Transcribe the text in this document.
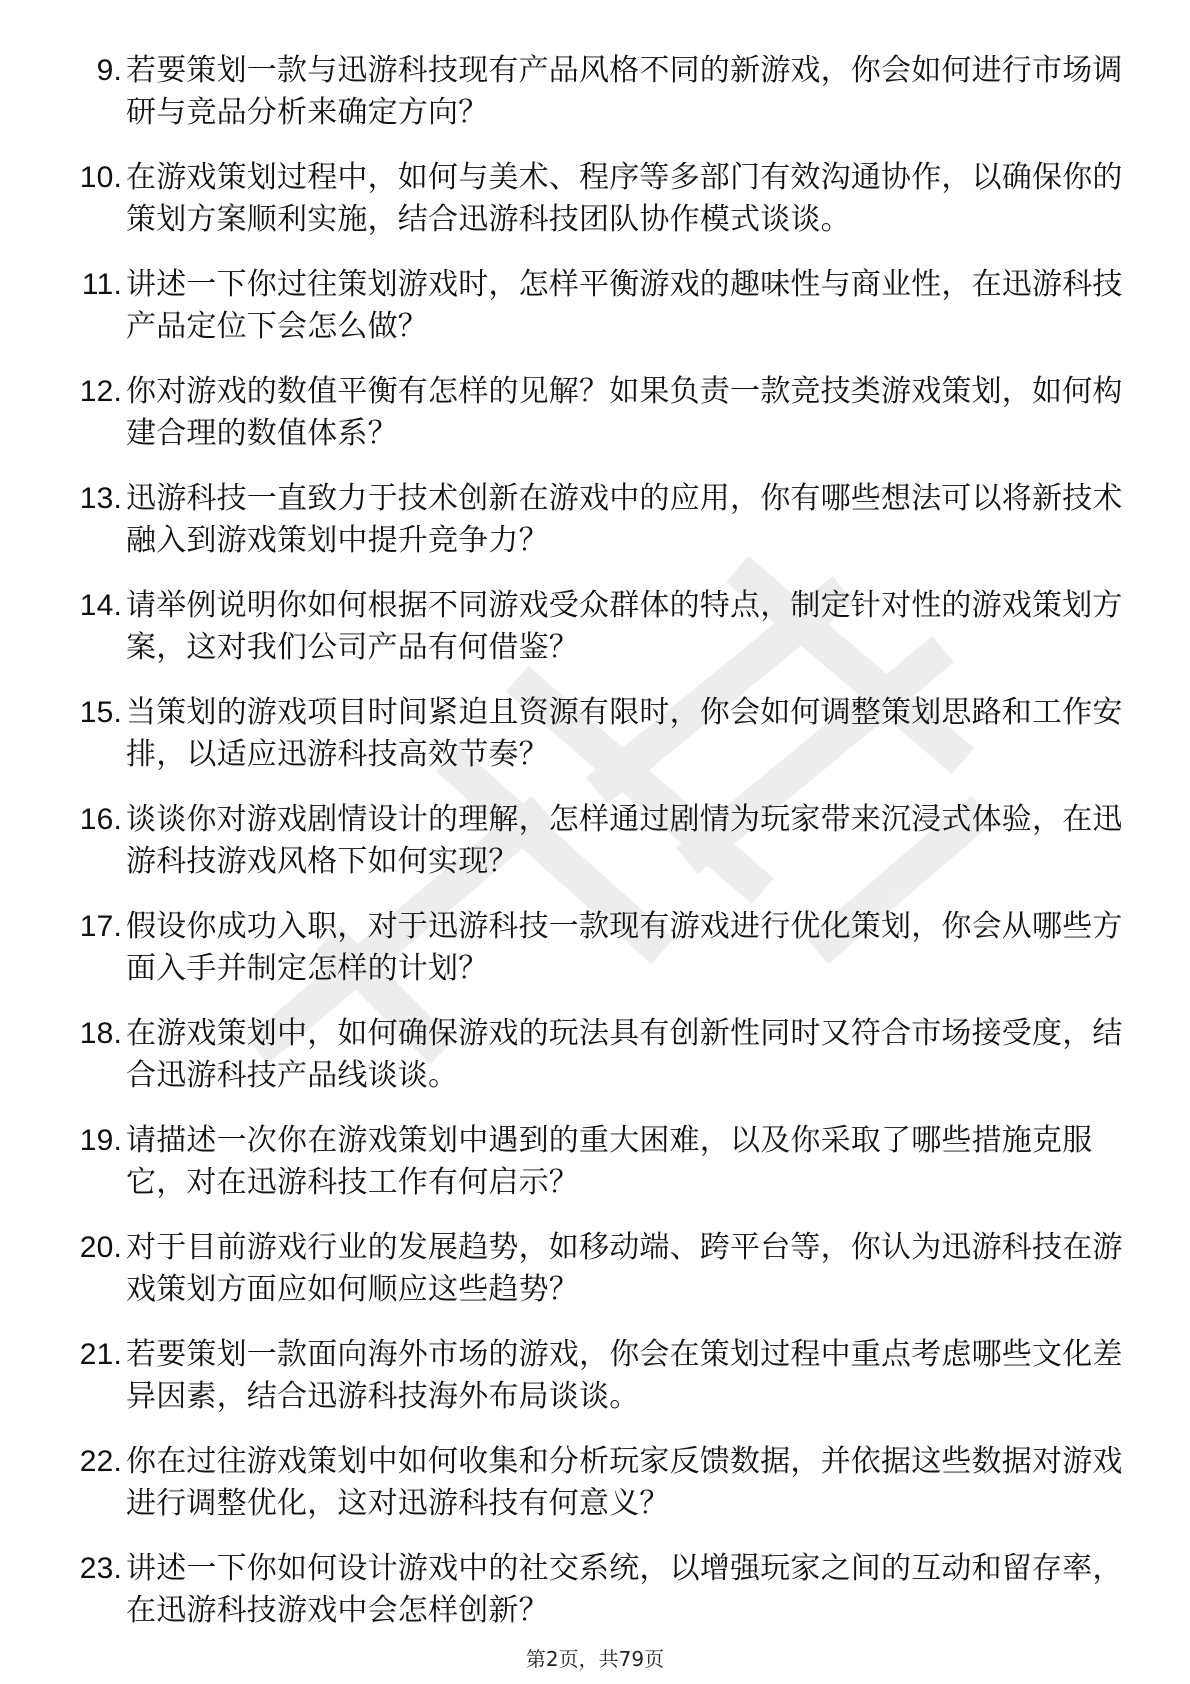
9. 若要策划一款与迅游科技现有产品风格不同的新游戏，你会如何进行市场调研与竞品分析来确定方向？
10. 在游戏策划过程中，如何与美术、程序等多部门有效沟通协作，以确保你的策划方案顺利实施，结合迅游科技团队协作模式谈谈。
11. 讲述一下你过往策划游戏时，怎样平衡游戏的趣味性与商业性，在迅游科技产品定位下会怎么做？
12. 你对游戏的数值平衡有怎样的见解？如果负责一款竞技类游戏策划，如何构建合理的数值体系？
13. 迅游科技一直致力于技术创新在游戏中的应用，你有哪些想法可以将新技术融入到游戏策划中提升竞争力？
14. 请举例说明你如何根据不同游戏受众群体的特点，制定针对性的游戏策划方案，这对我们公司产品有何借鉴？
15. 当策划的游戏项目时间紧迫且资源有限时，你会如何调整策划思路和工作安排，以适应迅游科技高效节奏？
16. 谈谈你对游戏剧情设计的理解，怎样通过剧情为玩家带来沉浸式体验，在迅游科技游戏风格下如何实现？
17. 假设你成功入职，对于迅游科技一款现有游戏进行优化策划，你会从哪些方面入手并制定怎样的计划？
18. 在游戏策划中，如何确保游戏的玩法具有创新性同时又符合市场接受度，结合迅游科技产品线谈谈。
19. 请描述一次你在游戏策划中遇到的重大困难，以及你采取了哪些措施克服它，对在迅游科技工作有何启示？
20. 对于目前游戏行业的发展趋势，如移动端、跨平台等，你认为迅游科技在游戏策划方面应如何顺应这些趋势？
21. 若要策划一款面向海外市场的游戏，你会在策划过程中重点考虑哪些文化差异因素，结合迅游科技海外布局谈谈。
22. 你在过往游戏策划中如何收集和分析玩家反馈数据，并依据这些数据对游戏进行调整优化，这对迅游科技有何意义？
23. 讲述一下你如何设计游戏中的社交系统，以增强玩家之间的互动和留存率，在迅游科技游戏中会怎样创新？
第2页，共79页
